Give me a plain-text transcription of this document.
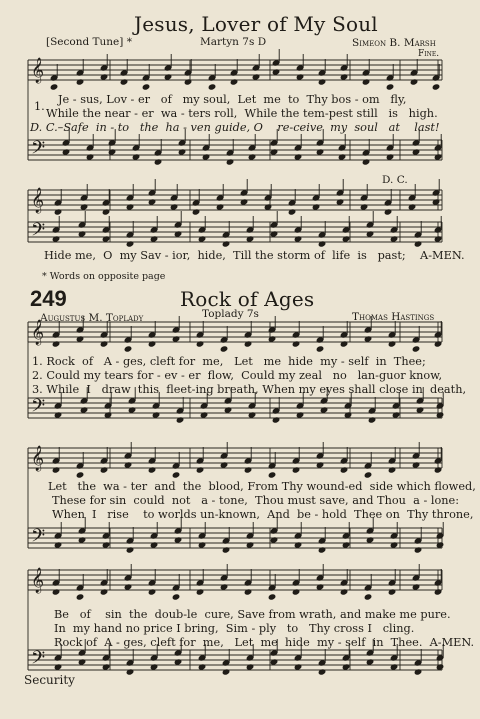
Jesus, Lover of My Soul
[Second Tune] *	Martyn 7s D	Simeon B. Marsh
Fine.
𝄞
𝄢
𝄞
𝄢
𝄞
𝄢
𝄞
𝄢
𝄞
𝄢
1.
Je - sus, Lov - er   of   my soul,  Let  me  to  Thy bos - om   fly,
While the near - er  wa - ters roll,  While the tem-pest still   is   high.
D. C.–Safe  in - to   the  ha - ven guide, O    re-ceive  my  soul   at    last!
D. C.
Hide me,  O  my Sav - ior,  hide,  Till the storm of  life  is   past;    A-MEN.
* Words on opposite page
249	Rock of Ages
Augustus M. Toplady	Toplady 7s	Thomas Hastings
1. Rock  of   A - ges, cleft for  me,   Let   me  hide  my - self  in  Thee;
2. Could my tears for - ev - er  flow,  Could my zeal   no   lan-guor know,
3. While  I   draw  this  fleet-ing breath, When my eyes shall close in  death,
Let   the  wa - ter  and  the  blood, From Thy wound-ed  side which flowed,
These for sin  could  not   a - tone,  Thou must save, and Thou  a - lone:
When  I   rise    to worlds un-known,  And  be - hold  Thee on  Thy throne,
Be   of    sin  the  doub-le  cure, Save from wrath, and make me pure.
In  my hand no price I bring,  Sim - ply   to   Thy cross I   cling.
Rock of  A - ges, cleft for  me,   Let  me  hide  my - self  in  Thee.  A-MEN.
Security
